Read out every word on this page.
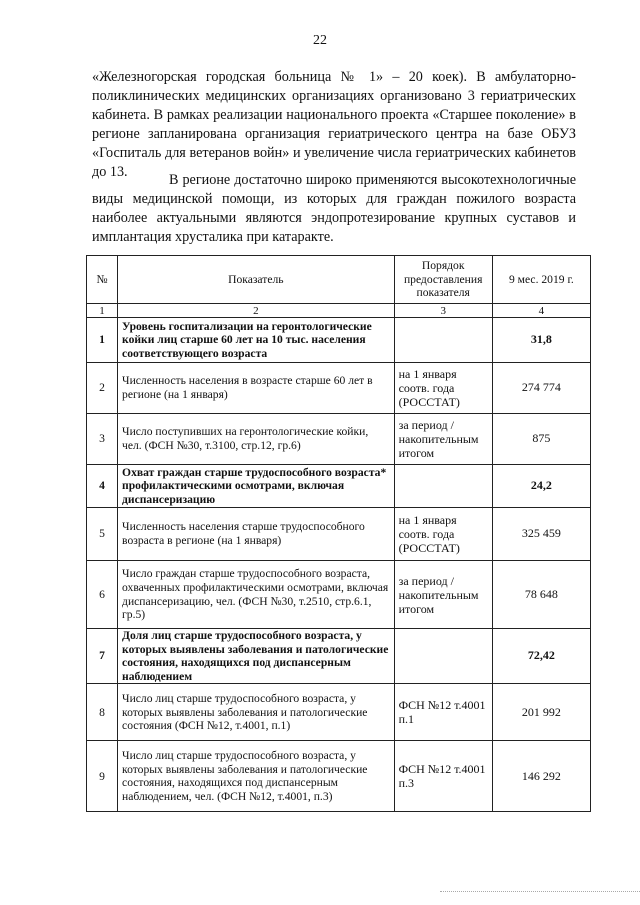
22

«Железногорская городская больница № 1» – 20 коек). В амбулаторно-поликлинических медицинских организациях организовано 3 гериатрических кабинета. В рамках реализации национального проекта «Старшее поколение» в регионе запланирована организация гериатрического центра на базе ОБУЗ «Госпиталь для ветеранов войн» и увеличение числа гериатрических кабинетов до 13.	В регионе достаточно широко применяются высокотехнологичные виды медицинской помощи, из которых для граждан пожилого возраста наиболее актуальными являются эндопротезирование крупных суставов и имплантация хрусталика при катаракте.

№	Показатель	Порядок предоставления показателя	9 мес. 2019 г.
1	2	3	4
1	Уровень госпитализации на геронтологические койки лиц старше 60 лет на 10 тыс. населения соответствующего возраста		31,8
2	Численность населения в возрасте старше 60 лет в регионе (на 1 января)	на 1 января соотв. года (РОССТАТ)	274 774
3	Число поступивших на геронтологические койки, чел. (ФСН №30, т.3100, стр.12, гр.6)	за период / накопительным итогом	875
4	Охват граждан старше трудоспособного возраста* профилактическими осмотрами, включая диспансеризацию		24,2
5	Численность населения старше трудоспособного возраста в регионе (на 1 января)	на 1 января соотв. года (РОССТАТ)	325 459
6	Число граждан старше трудоспособного возраста, охваченных профилактическими осмотрами, включая диспансеризацию, чел. (ФСН №30, т.2510, стр.6.1, гр.5)	за период / накопительным итогом	78 648
7	Доля лиц старше трудоспособного возраста, у которых выявлены заболевания и патологические состояния, находящихся под диспансерным наблюдением		72,42
8	Число лиц старше трудоспособного возраста, у которых выявлены заболевания и патологические состояния (ФСН №12, т.4001, п.1)	ФСН №12 т.4001 п.1	201 992
9	Число лиц старше трудоспособного возраста, у которых выявлены заболевания и патологические состояния, находящихся под диспансерным наблюдением, чел. (ФСН №12, т.4001, п.3)	ФСН №12 т.4001 п.3	146 292
